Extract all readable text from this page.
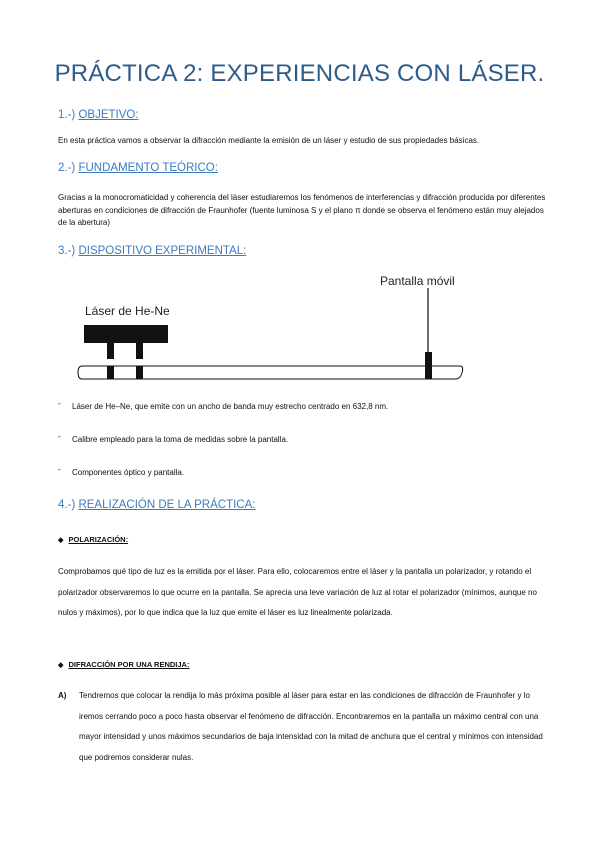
PRÁCTICA 2: EXPERIENCIAS CON LÁSER.
1.-) OBJETIVO:
En esta práctica vamos a observar la difracción mediante la emisión de un láser y estudio de sus propiedades básicas.
2.-) FUNDAMENTO TEÓRICO:
Gracias a la monocromaticidad y coherencia del láser estudiaremos los fenómenos de interferencias y difracción producida por diferentes aberturas en condiciones de difracción de Fraunhofer (fuente luminosa S y el plano π donde se observa el fenómeno están muy alejados de la abertura)
3.-) DISPOSITIVO EXPERIMENTAL:
Láser de He-Ne
Pantalla móvil
- Láser de He–Ne, que emite con un ancho de banda muy estrecho centrado en 632,8 nm.
- Calibre empleado para la toma de medidas sobre la pantalla.
- Componentes óptico y pantalla.
4.-) REALIZACIÓN DE LA PRÁCTICA:
◆ POLARIZACIÓN:
Comprobamos qué tipo de luz es la emitida por el láser. Para ello, colocaremos entre el láser y la pantalla un polarizador, y rotando el polarizador observaremos lo que ocurre en la pantalla. Se aprecia una leve variación de luz al rotar el polarizador (mínimos, aunque no nulos y máximos), por lo que indica que la luz que emite el láser es luz linealmente polarizada.
◆ DIFRACCIÓN POR UNA RENDIJA:
A) Tendremos que colocar la rendija lo más próxima posible al láser para estar en las condiciones de difracción de Fraunhofer y lo iremos cerrando poco a poco hasta observar el fenómeno de difracción. Encontraremos en la pantalla un máximo central con una mayor intensidad y unos máximos secundarios de baja intensidad con la mitad de anchura que el central y mínimos con intensidad que podremos considerar nulas.
